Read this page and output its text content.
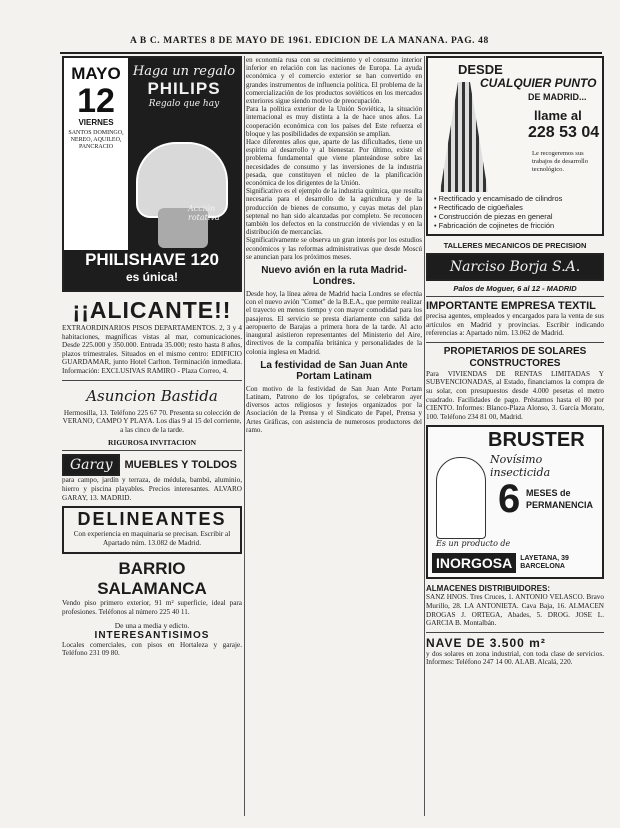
A B C. MARTES 8 DE MAYO DE 1961. EDICION DE LA MAÑANA. PAG. 48
MAYO
12
VIERNES
SANTOS DOMINGO, NEREO, AQUILEO, PANCRACIO
Haga un regalo
PHILIPS
Regalo que hay
Acción rotativa
PHILISHAVE 120
es única!
¡¡ALICANTE!!

EXTRAORDINARIOS PISOS DEPARTAMENTOS. 2, 3 y 4 habitaciones, magníficas vistas al mar, comunicaciones. Desde 225.000 y 350.000. Entrada 35.000; resto hasta 8 años, plazos trimestrales. Situados en el mismo centro: EDIFICIO GUARDAMAR, junto Hotel Carlton. Terminación inmediata. Información: EXCLUSIVAS RAMIRO - Plaza Correo, 4.

Asuncion Bastida

Hermosilla, 13. Teléfono 225 67 70. Presenta su colección de VERANO, CAMPO Y PLAYA. Los días 9 al 15 del corriente, a las cinco de la tarde.

RIGUROSA INVITACION
Garay	MUEBLES Y TOLDOS

para campo, jardín y terraza, de médula, bambú, aluminio, hierro y piscina playables. Precios interesantes. ALVARO GARAY, 13. MADRID.

DELINEANTES

Con experiencia en maquinaria se precisan. Escribir al Apartado núm. 13.082 de Madrid.

BARRIO SALAMANCA

Vendo piso primero exterior, 91 m² superficie, ideal para profesiones. Teléfonos al número 225 40 11.

De una a media y edicto.
INTERESANTISIMOS

Locales comerciales, con pisos en Hortaleza y garaje. Teléfono 231 09 80.

en economía rusa con su crecimiento y el consumo interior inferior en relación con las naciones de Europa. La ayuda económica y el comercio exterior se han convertido en grandes instrumentos de influencia política. El problema de la comercialización de los productos soviéticos en los mercados exteriores sigue siendo motivo de preocupación.

Para la política exterior de la Unión Soviética, la situación internacional es muy distinta a la de hace unos años. La cooperación económica con los países del Este refuerza el bloque y las posibilidades de expansión se amplían.

Hace diferentes años que, aparte de las dificultades, tiene un espíritu al desarrollo y al bienestar. Por último, existe el problema fundamental que viene planteándose sobre las necesidades de consumo y las inversiones de la industria pesada, que constituyen el núcleo de la planificación económica de los dirigentes de la Unión.

Significativo es el ejemplo de la industria química, que resulta necesaria para el desarrollo de la agricultura y de la producción de bienes de consumo, y cuyas metas del plan septenal no han sido alcanzadas por completo. Se reconocen también los defectos en la construcción de viviendas y en la distribución de mercancías.

Significativamente se observa un gran interés por los estudios económicos y las reformas administrativas que desde Moscú se anuncian para los próximos meses.

Nuevo avión en la ruta Madrid-Londres.

Desde hoy, la línea aérea de Madrid hacia Londres se efectúa con el nuevo avión "Comet" de la B.E.A., que permite realizar el trayecto en menos tiempo y con mayor comodidad para los pasajeros. El servicio se presta diariamente con salida del aeropuerto de Barajas a primera hora de la tarde. Al acto inaugural asistieron representantes del Ministerio del Aire, directivos de la compañía británica y personalidades de la colonia inglesa en Madrid.

La festividad de San Juan Ante Portam Latinam

Con motivo de la festividad de San Juan Ante Portam Latinam, Patrono de los tipógrafos, se celebraron ayer diversos actos religiosos y festejos organizados por la Asociación de la Prensa y el Sindicato de Papel, Prensa y Artes Gráficas, con asistencia de numerosos productores del ramo.

DESDE
CUALQUIER PUNTO
DE MADRID...
llame al
228 53 04
Le recogeremos sus trabajos de desarrollo tecnológico.

• Rectificado y encamisado de cilindros

• Rectificado de cigüeñales

• Construcción de piezas en general

• Fabricación de cojinetes de fricción

TALLERES MECANICOS DE PRECISION
Narciso Borja S.A.
Palos de Moguer, 6 al 12 - MADRID
IMPORTANTE EMPRESA TEXTIL

precisa agentes, empleados y encargados para la venta de sus artículos en Madrid y provincias. Escribir indicando referencias a: Apartado núm. 13.062 de Madrid.

PROPIETARIOS DE SOLARES CONSTRUCTORES

Para VIVIENDAS DE RENTAS LIMITADAS Y SUBVENCIONADAS, al Estado, financiamos la compra de su solar, con presupuestos desde 4.000 pesetas el metro cuadrado. Facilidades de pago. Préstamos hasta el 80 por CIENTO. Informes: Blanco-Plaza Alonso, 3. García Morato, 100. Teléfono 234 81 00, Madrid.

BRUSTER
Novísimo insecticida
6 MESES de PERMANENCIA
Es un producto de
INORGOSA	LAYETANA, 39 BARCELONA
ALMACENES DISTRIBUIDORES:

SANZ HNOS. Tres Cruces, 1. ANTONIO VELASCO. Bravo Murillo, 28. LA ANTONIETA. Cava Baja, 16. ALMACEN DROGAS J. ORTEGA, Abades, 5. DROG. JOSE L. GARCIA B. Montalbán.

NAVE DE 3.500 m²

y dos solares en zona industrial, con toda clase de servicios. Informes: Teléfono 247 14 00. ALAB. Alcalá, 220.
